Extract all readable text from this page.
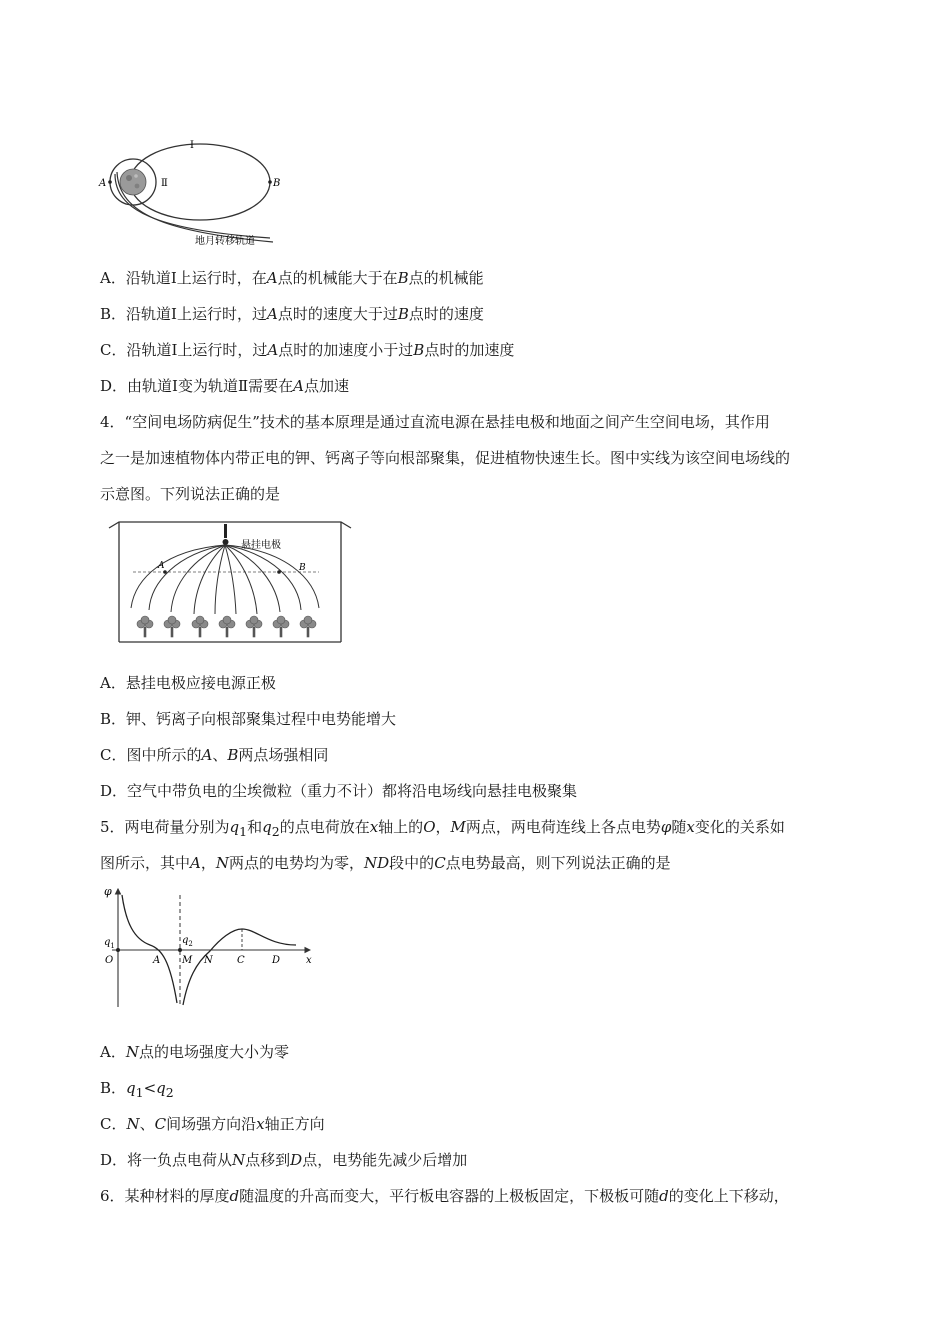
Ⅰ
Ⅱ
A	B
地月转移轨道
A．沿轨道Ⅰ上运行时，在A点的机械能大于在B点的机械能
B．沿轨道Ⅰ上运行时，过A点时的速度大于过B点时的速度
C．沿轨道Ⅰ上运行时，过A点时的加速度小于过B点时的加速度
D．由轨道Ⅰ变为轨道Ⅱ需要在A点加速
4．“空间电场防病促生”技术的基本原理是通过直流电源在悬挂电极和地面之间产生空间电场，其作用
之一是加速植物体内带正电的钾、钙离子等向根部聚集，促进植物快速生长。图中实线为该空间电场线的
示意图。下列说法正确的是
悬挂电极
A	B
A．悬挂电极应接电源正极
B．钾、钙离子向根部聚集过程中电势能增大
C．图中所示的A、B两点场强相同
D．空气中带负电的尘埃微粒（重力不计）都将沿电场线向悬挂电极聚集
5．两电荷量分别为$q_1$和$q_2$的点电荷放在x轴上的O，M两点，两电荷连线上各点电势φ随x变化的关系如
图所示，其中A，N两点的电势均为零，ND段中的C点电势最高，则下列说法正确的是
φ
$q_1$	$q_2$
O	A M N C	D	x
A．N点的电场强度大小为零
B．$q_1<q_2$
C．N、C间场强方向沿x轴正方向
D．将一负点电荷从N点移到D点，电势能先减少后增加
6．某种材料的厚度d随温度的升高而变大，平行板电容器的上极板固定，下极板可随d的变化上下移动，
